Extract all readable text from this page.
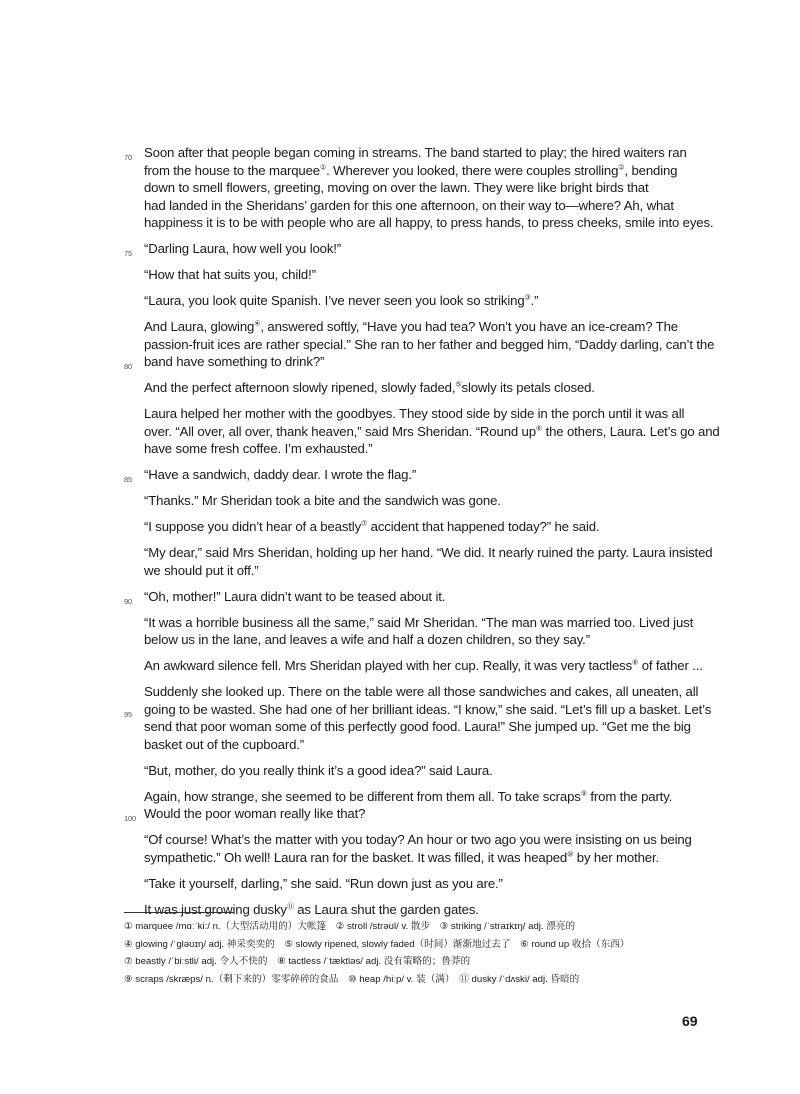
Soon after that people began coming in streams. The band started to play; the hired waiters ran
70
from the house to the marquee①. Wherever you looked, there were couples strolling②, bending
down to smell flowers, greeting, moving on over the lawn. They were like bright birds that
had landed in the Sheridans’ garden for this one afternoon, on their way to—where? Ah, what
happiness it is to be with people who are all happy, to press hands, to press cheeks, smile into eyes.

“Darling Laura, how well you look!”
75

“How that hat suits you, child!”

“Laura, you look quite Spanish. I’ve never seen you look so striking③.”

And Laura, glowing④, answered softly, “Have you had tea? Won’t you have an ice-cream? The
passion-fruit ices are rather special.” She ran to her father and begged him, “Daddy darling, can’t the
band have something to drink?”
80

And the perfect afternoon slowly ripened, slowly faded,⑤slowly its petals closed.

Laura helped her mother with the goodbyes. They stood side by side in the porch until it was all
over. “All over, all over, thank heaven,” said Mrs Sheridan. “Round up⑥ the others, Laura. Let’s go and
have some fresh coffee. I’m exhausted.”

“Have a sandwich, daddy dear. I wrote the flag.”
85

“Thanks.” Mr Sheridan took a bite and the sandwich was gone.

“I suppose you didn’t hear of a beastly⑦ accident that happened today?” he said.

“My dear,” said Mrs Sheridan, holding up her hand. “We did. It nearly ruined the party. Laura insisted
we should put it off.”

“Oh, mother!” Laura didn’t want to be teased about it.
90

“It was a horrible business all the same,” said Mr Sheridan. “The man was married too. Lived just
below us in the lane, and leaves a wife and half a dozen children, so they say.”

An awkward silence fell. Mrs Sheridan played with her cup. Really, it was very tactless⑧ of father ...

Suddenly she looked up. There on the table were all those sandwiches and cakes, all uneaten, all
going to be wasted. She had one of her brilliant ideas. “I know,” she said. “Let’s fill up a basket. Let’s
95
send that poor woman some of this perfectly good food. Laura!” She jumped up. “Get me the big
basket out of the cupboard.”

“But, mother, do you really think it’s a good idea?” said Laura.

Again, how strange, she seemed to be different from them all. To take scraps⑨ from the party.
Would the poor woman really like that?
100

“Of course! What’s the matter with you today? An hour or two ago you were insisting on us being
sympathetic.” Oh well! Laura ran for the basket. It was filled, it was heaped⑩ by her mother.

“Take it yourself, darling,” she said. “Run down just as you are.”

It was just growing dusky⑪ as Laura shut the garden gates.

① marquee /mɑːˈkiː/ n.（大型活动用的）大帐篷　② stroll /strəʊl/ v. 散步　③ striking /ˈstraɪkɪŋ/ adj. 漂亮的
④ glowing /ˈɡləʊɪŋ/ adj. 神采奕奕的　⑤ slowly ripened, slowly faded（时间）渐渐地过去了　⑥ round up 收拾（东西）
⑦ beastly /ˈbiːstli/ adj. 令人不快的　⑧ tactless /ˈtæktləs/ adj. 没有策略的；鲁莽的
⑨ scraps /skræps/ n.（剩下来的）零零碎碎的食品　⑩ heap /hiːp/ v. 装（满）　⑪ dusky /ˈdʌski/ adj. 昏暗的
69
